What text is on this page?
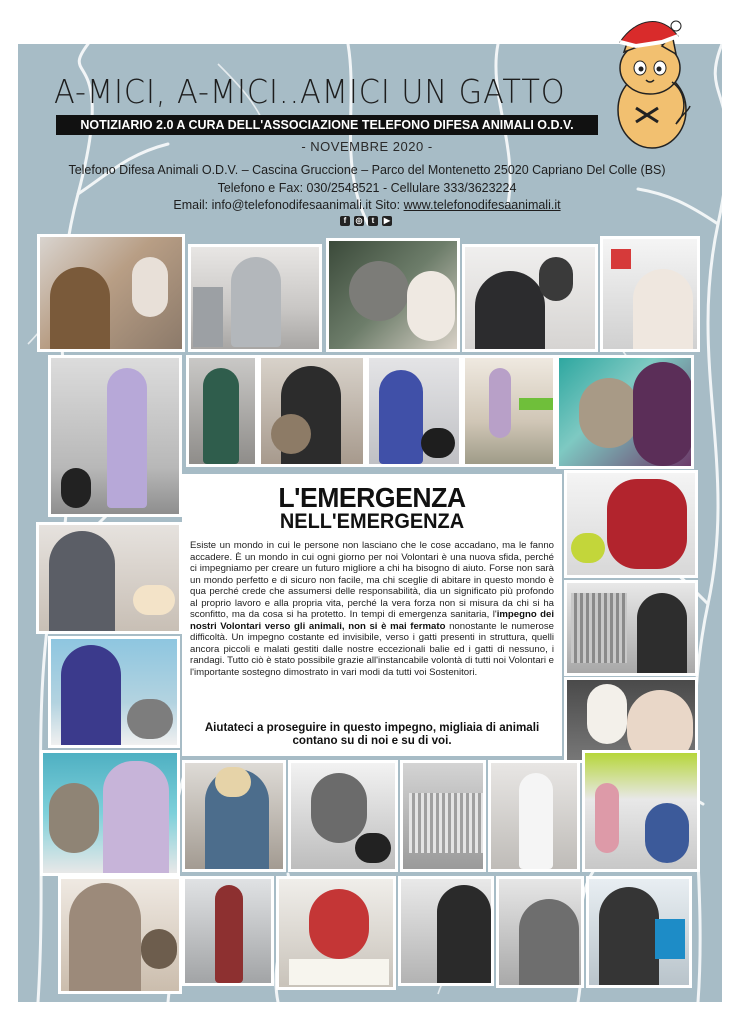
A-MICI, A-MICI..AMICI UN GATTO
NOTIZIARIO 2.0 A CURA DELL'ASSOCIAZIONE TELEFONO DIFESA ANIMALI O.D.V.
- NOVEMBRE 2020 -
Telefono Difesa Animali O.D.V. – Cascina Gruccione – Parco del Montenetto 25020 Capriano Del Colle (BS)
Telefono e Fax: 030/2548521 - Cellulare 333/3623224
Email: info@telefonodifesaanimali.it Sito: www.telefonodifesaanimali.it
f	◎	t	▶
L'EMERGENZA
NELL'EMERGENZA
Esiste un mondo in cui le persone non lasciano che le cose accadano, ma le fanno accadere. È un mondo in cui ogni giorno per noi Volontari è una nuova sfida, perché ci impegniamo per creare un futuro migliore a chi ha bisogno di aiuto. Forse non sarà un mondo perfetto e di sicuro non facile, ma chi sceglie di abitare in questo mondo è qua perché crede che assumersi delle responsabilità, dia un significato più profondo al proprio lavoro e alla propria vita, perché la vera forza non si misura da chi si ha sconfitto, ma da cosa si ha protetto. In tempi di emergenza sanitaria, l'impegno dei nostri Volontari verso gli animali, non si è mai fermato nonostante le numerose difficoltà. Un impegno costante ed invisibile, verso i gatti presenti in struttura, quelli ancora piccoli e malati gestiti dalle nostre eccezionali balie ed i gatti di nessuno, i randagi. Tutto ciò è stato possibile grazie all'instancabile volontà di tutti noi Volontari e l'importante sostegno dimostrato in vari modi da tutti voi Sostenitori.
Aiutateci a proseguire in questo impegno, migliaia di animali contano su di noi e su di voi.
